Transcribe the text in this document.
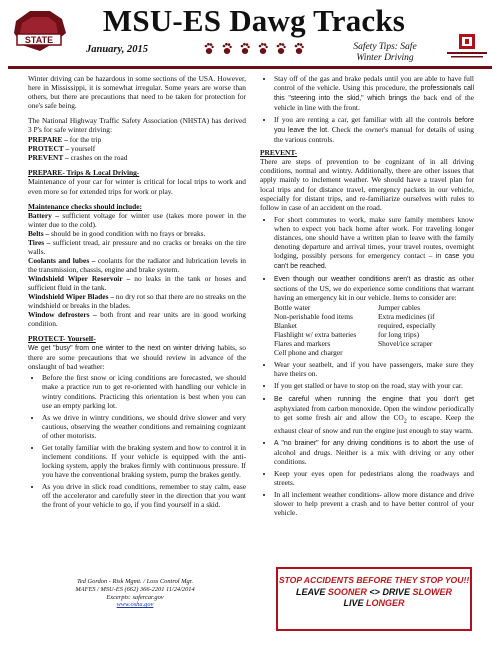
STATE
MSU-ES Dawg Tracks
January, 2015	Safety Tips: Safe
Winter Driving

Winter driving can be hazardous in some sections of the USA. However, here in Mississippi, it is somewhat irregular. Some years are worse than others, but there are precautions that need to be taken for protection for one's safe being.

The National Highway Traffic Safety Association (NHSTA) has derived 3 P's for safe winter driving:

PREPARE – for the trip
PROTECT – yourself
PREVENT – crashes on the road
PREPARE- Trips & Local Driving-

Maintenance of your car for winter is critical for local trips to work and even more so for extended trips for work or play.

Maintenance checks should include:
Battery – sufficient voltage for winter use (takes more power in the winter due to the cold).
Belts – should be in good condition with no frays or breaks.
Tires – sufficient tread, air pressure and no cracks or breaks on the tire walls.
Coolants and lubes – coolants for the radiator and lubrication levels in the transmission, chassis, engine and brake system.
Windshield Wiper Reservoir – no leaks in the tank or hoses and sufficient fluid in the tank.
Windshield Wiper Blades – no dry rot so that there are no streaks on the windshield or breaks in the blades.
Window defrosters – both front and rear units are in good working condition.
PROTECT- Yourself-

We get "busy" from one winter to the next on winter driving habits, so there are some precautions that we should review in advance of the onslaught of bad weather:

• Before the first snow or icing conditions are forecasted, we should make a practice run to get re-oriented with handling our vehicle in wintry conditions. Practicing this orientation is best when you can use an empty parking lot.
• As we drive in wintry conditions, we should drive slower and very cautious, observing the weather conditions and remaining cognizant of other motorists.
• Get totally familiar with the braking system and how to control it in inclement conditions. If your vehicle is equipped with the anti-locking system, apply the brakes firmly with continuous pressure. If you have the conventional braking system, pump the brakes gently.
• As you drive in slick road conditions, remember to stay calm, ease off the accelerator and carefully steer in the direction that you want the front of your vehicle to go, if you find yourself in a skid.
• Stay off of the gas and brake pedals until you are able to have full control of the vehicle. Using this procedure, the professionals call this "steering into the skid," which brings the back end of the vehicle in line with the front.
• If you are renting a car, get familiar with all the controls before you leave the lot. Check the owner's manual for details of using the various controls.
PREVENT-

There are steps of prevention to be cognizant of in all driving conditions, normal and wintry. Additionally, there are other issues that apply mainly to inclement weather. We should have a travel plan for local trips and for distance travel, emergency packets in our vehicle, especially for distant trips, and re-familiarize ourselves with rules to follow in case of an accident on the road.

• For short commutes to work, make sure family members know when to expect you back home after work. For traveling longer distances, one should have a written plan to leave with the family denoting departure and arrival times, your travel routes, overnight lodging, possibly persons for emergency contact – in case you can't be reached.
• Even though our weather conditions aren't as drastic as other sections of the US, we do experience some conditions that warrant having an emergency kit in our vehicle. Items to consider are:
Bottle water
Non-perishable food items
Blanket
Flashlight w/ extra batteries
Flares and markers
Cell phone and charger
Jumper cables
Extra medicines (if
required, especially
for long trips)
Shovel/ice scraper
• Wear your seatbelt, and if you have passengers, make sure they have theirs on.
• If you get stalled or have to stop on the road, stay with your car.
• Be careful when running the engine that you don't get asphyxiated from carbon monoxide. Open the window periodically to get some fresh air and allow the $CO_2$ to escape. Keep the exhaust clear of snow and run the engine just enough to stay warm.
• A "no brainer" for any driving conditions is to abort the use of alcohol and drugs. Neither is a mix with driving or any other conditions.
• Keep your eyes open for pedestrians along the roadways and streets.
• In all inclement weather conditions- allow more distance and drive slower to help prevent a crash and to have better control of your vehicle.
Ted Gordon - Risk Mgmt. / Loss Control Mgr.
MAFES / MSU-ES (662) 366-2201 11/24/2014
Excerpts: safercar.gov
www.osha.gov
STOP ACCIDENTS BEFORE THEY STOP YOU!!
LEAVE SOONER <> DRIVE SLOWER
LIVE LONGER
